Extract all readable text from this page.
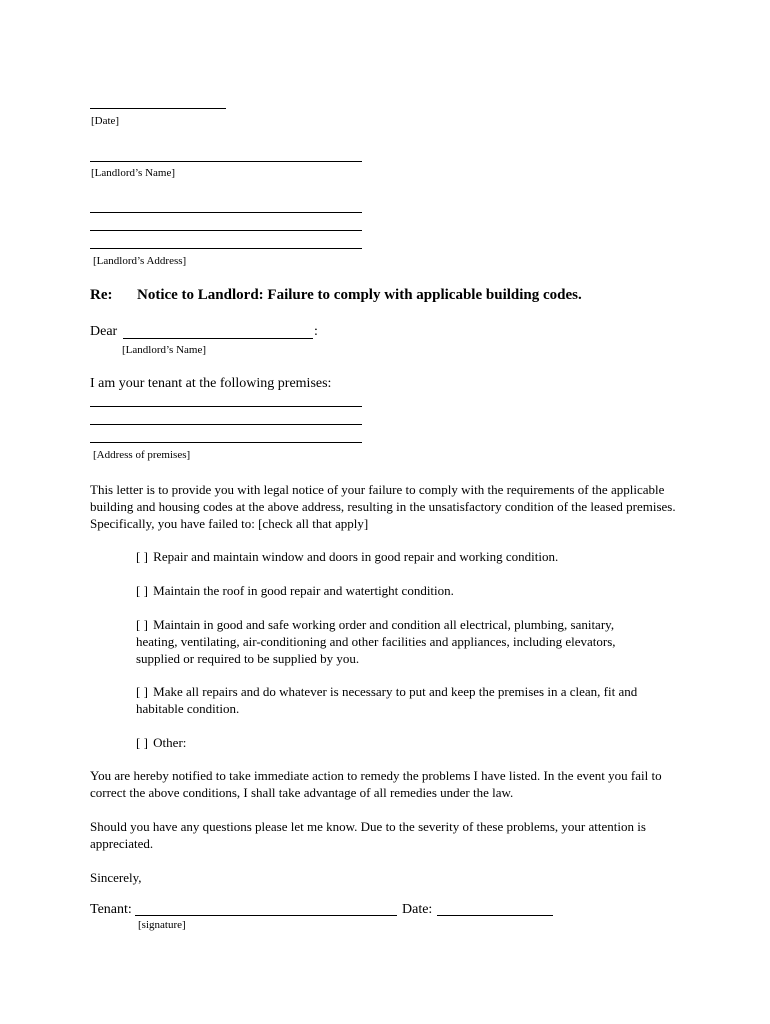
[Date]
[Landlord’s Name]
[Landlord’s Address]
Re: Notice to Landlord: Failure to comply with applicable building codes.
Dear	:
[Landlord’s Name]
I am your tenant at the following premises:
[Address of premises]
This letter is to provide you with legal notice of your failure to comply with the requirements of the applicable building and housing codes at the above address, resulting in the unsatisfactory condition of the leased premises. Specifically, you have failed to: [check all that apply]
[ ] Repair and maintain window and doors in good repair and working condition.
[ ] Maintain the roof in good repair and watertight condition.
[ ] Maintain in good and safe working order and condition all electrical, plumbing, sanitary, heating, ventilating, air-conditioning and other facilities and appliances, including elevators, supplied or required to be supplied by you.
[ ] Make all repairs and do whatever is necessary to put and keep the premises in a clean, fit and habitable condition.
[ ] Other:
You are hereby notified to take immediate action to remedy the problems I have listed. In the event you fail to correct the above conditions, I shall take advantage of all remedies under the law.
Should you have any questions please let me know. Due to the severity of these problems, your attention is appreciated.
Sincerely,
Tenant:	Date:
[signature]
